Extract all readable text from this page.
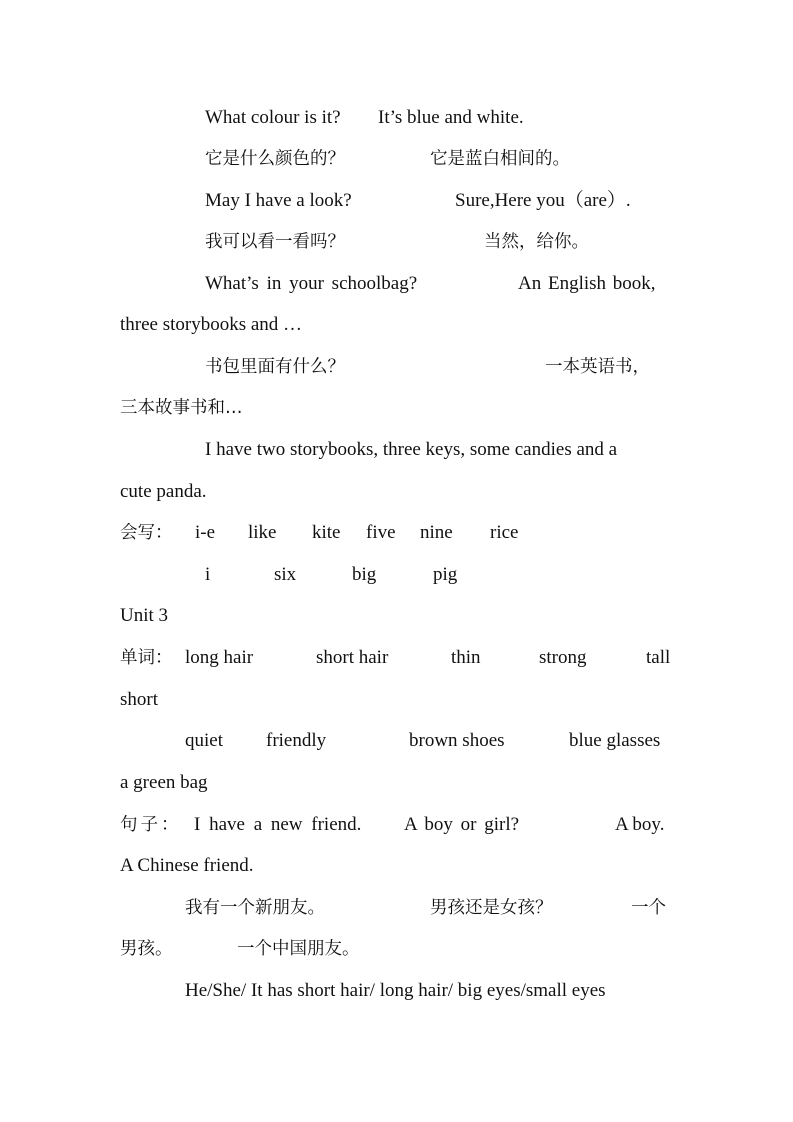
What colour is it? It’s blue and white.
它是什么颜色的？	它是蓝白相间的。
May I have a look?	Sure,Here you（are）.
我可以看一看吗？	当然，给你。
What’s in your schoolbag?	An English book,
three storybooks and …
书包里面有什么？	一本英语书，
三本故事书和…
I have two storybooks, three keys, some candies and a
cute panda.
会写： i-e like kite five nine rice
i	six	big	pig
Unit 3
单词： long hair	short hair	thin	strong	tall
short
quiet friendly	brown shoes	blue glasses
a green bag
句子： I have a new friend. A boy or girl?	A boy.
A Chinese friend.
我有一个新朋友。	男孩还是女孩？	一个
男孩。	一个中国朋友。
He/She/ It has short hair/ long hair/ big eyes/small eyes
